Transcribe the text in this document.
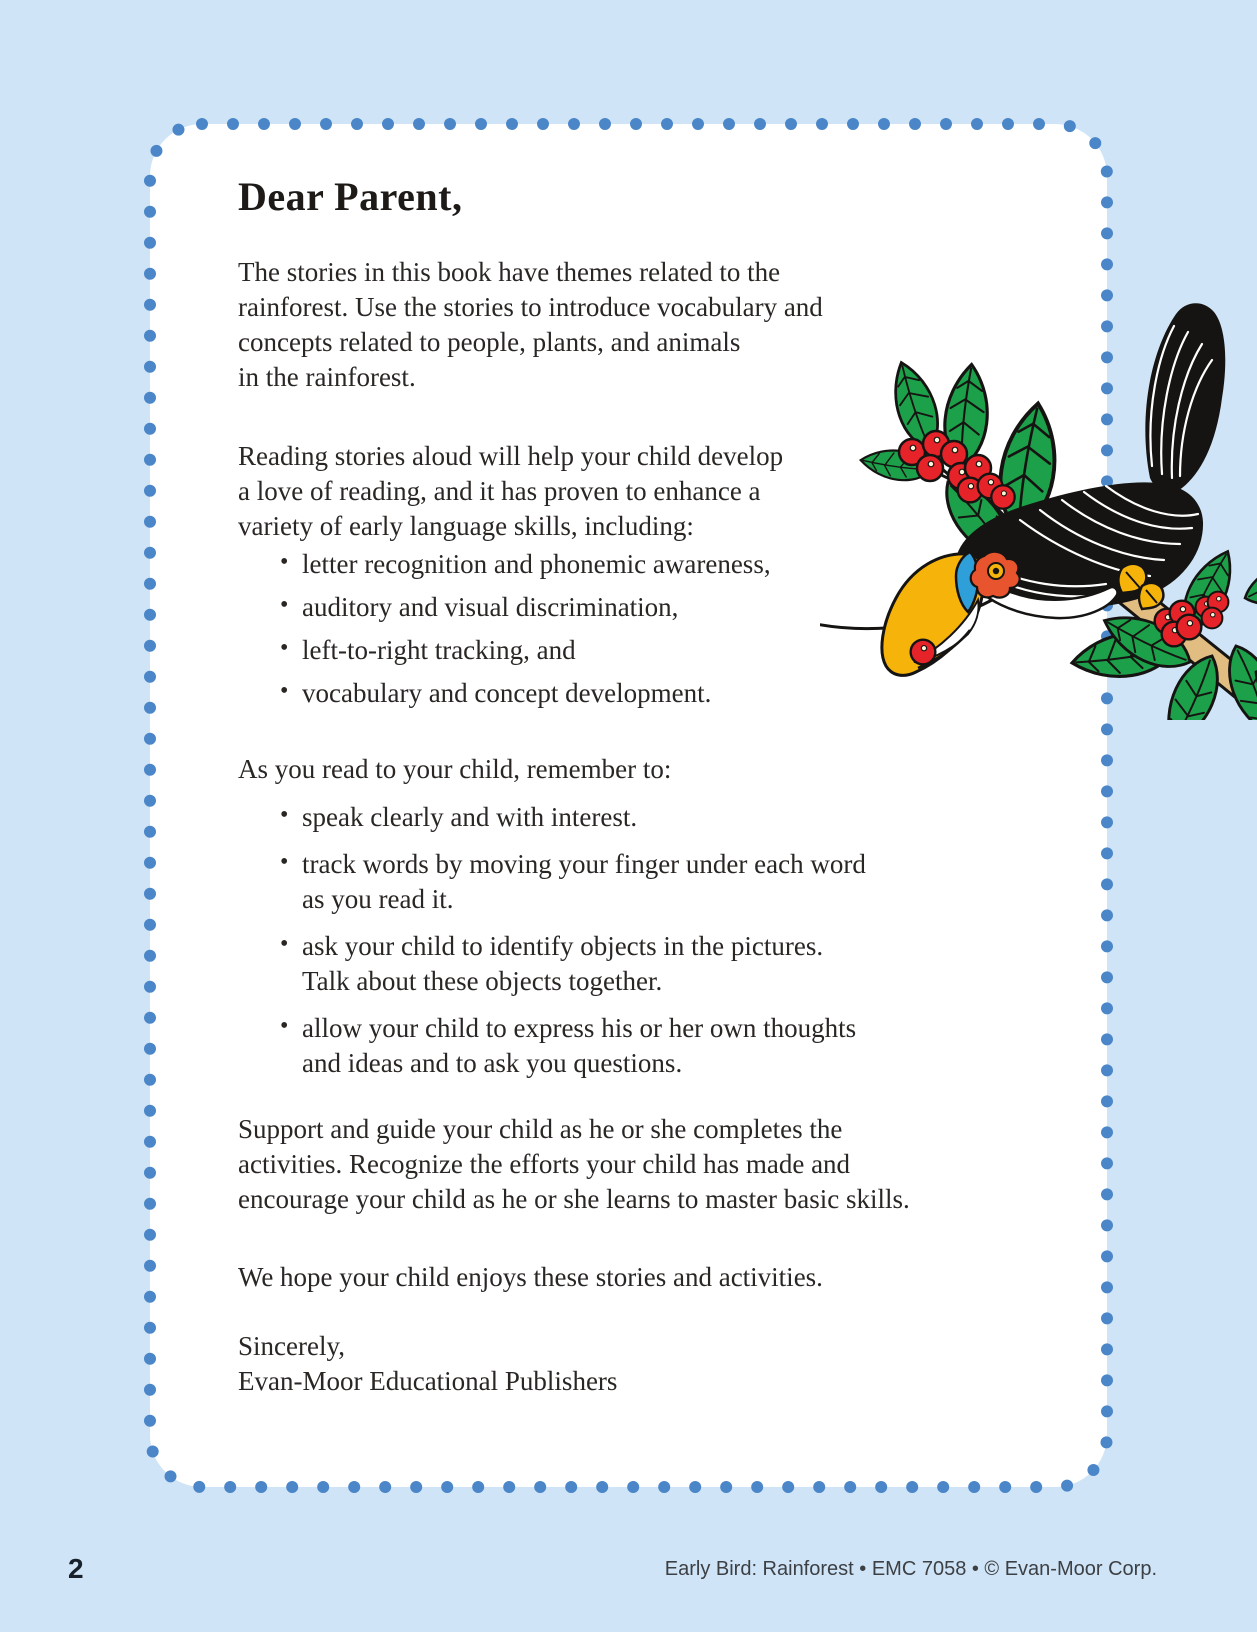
Dear Parent,
The stories in this book have themes related to the
rainforest. Use the stories to introduce vocabulary and
concepts related to people, plants, and animals
in the rainforest.
Reading stories aloud will help your child develop
a love of reading, and it has proven to enhance a
variety of early language skills, including:
• letter recognition and phonemic awareness,
• auditory and visual discrimination,
• left-to-right tracking, and
• vocabulary and concept development.
As you read to your child, remember to:
• speak clearly and with interest.
• track words by moving your finger under each word
as you read it.
• ask your child to identify objects in the pictures.
Talk about these objects together.
• allow your child to express his or her own thoughts
and ideas and to ask you questions.
Support and guide your child as he or she completes the
activities. Recognize the efforts your child has made and
encourage your child as he or she learns to master basic skills.
We hope your child enjoys these stories and activities.
Sincerely,
Evan-Moor Educational Publishers
2	Early Bird: Rainforest • EMC 7058 • © Evan-Moor Corp.
